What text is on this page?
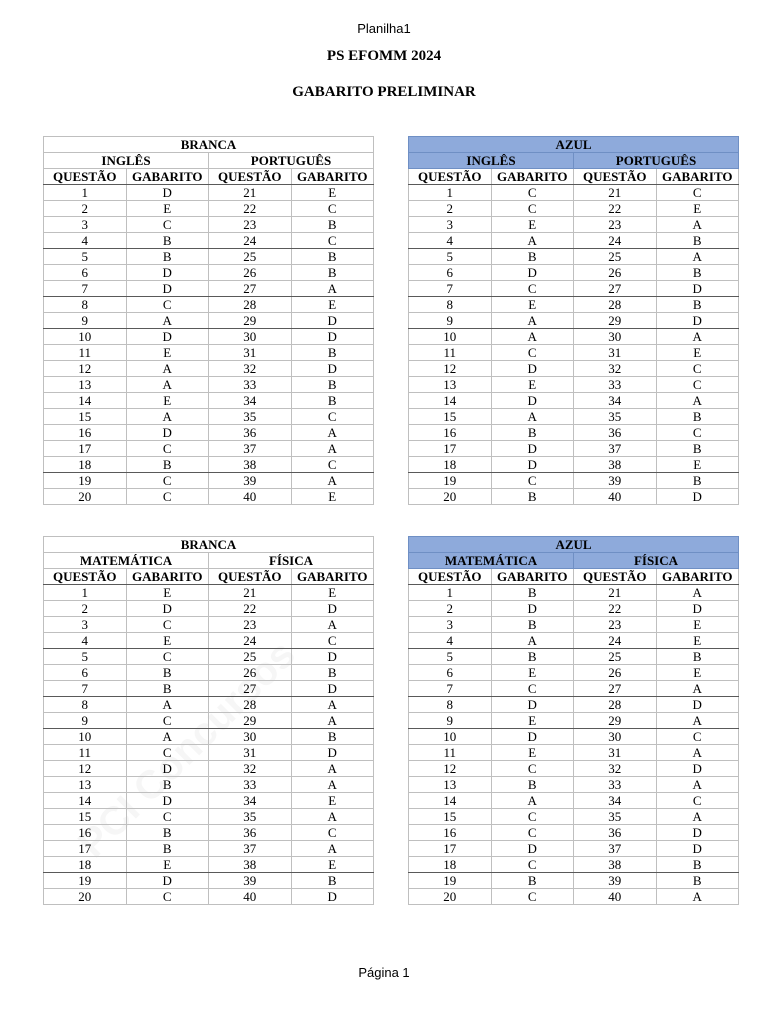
Planilha1
PS EFOMM 2024
GABARITO PRELIMINAR
BRANCA			
INGLÊS		PORTUGUÊS	
QUESTÃO	GABARITO	QUESTÃO	GABARITO
1	D	21	E
2	E	22	C
3	C	23	B
4	B	24	C
5	B	25	B
6	D	26	B
7	D	27	A
8	C	28	E
9	A	29	D
10	D	30	D
11	E	31	B
12	A	32	D
13	A	33	B
14	E	34	B
15	A	35	C
16	D	36	A
17	C	37	A
18	B	38	C
19	C	39	A
20	C	40	E
AZUL			
INGLÊS		PORTUGUÊS	
QUESTÃO	GABARITO	QUESTÃO	GABARITO
1	C	21	C
2	C	22	E
3	E	23	A
4	A	24	B
5	B	25	A
6	D	26	B
7	C	27	D
8	E	28	B
9	A	29	D
10	A	30	A
11	C	31	E
12	D	32	C
13	E	33	C
14	D	34	A
15	A	35	B
16	B	36	C
17	D	37	B
18	D	38	E
19	C	39	B
20	B	40	D
BRANCA			
MATEMÁTICA		FÍSICA	
QUESTÃO	GABARITO	QUESTÃO	GABARITO
1	E	21	E
2	D	22	D
3	C	23	A
4	E	24	C
5	C	25	D
6	B	26	B
7	B	27	D
8	A	28	A
9	C	29	A
10	A	30	B
11	C	31	D
12	D	32	A
13	B	33	A
14	D	34	E
15	C	35	A
16	B	36	C
17	B	37	A
18	E	38	E
19	D	39	B
20	C	40	D
AZUL			
MATEMÁTICA		FÍSICA	
QUESTÃO	GABARITO	QUESTÃO	GABARITO
1	B	21	A
2	D	22	D
3	B	23	E
4	A	24	E
5	B	25	B
6	E	26	E
7	C	27	A
8	D	28	D
9	E	29	A
10	D	30	C
11	E	31	A
12	C	32	D
13	B	33	A
14	A	34	C
15	C	35	A
16	C	36	D
17	D	37	D
18	C	38	B
19	B	39	B
20	C	40	A
Página 1
